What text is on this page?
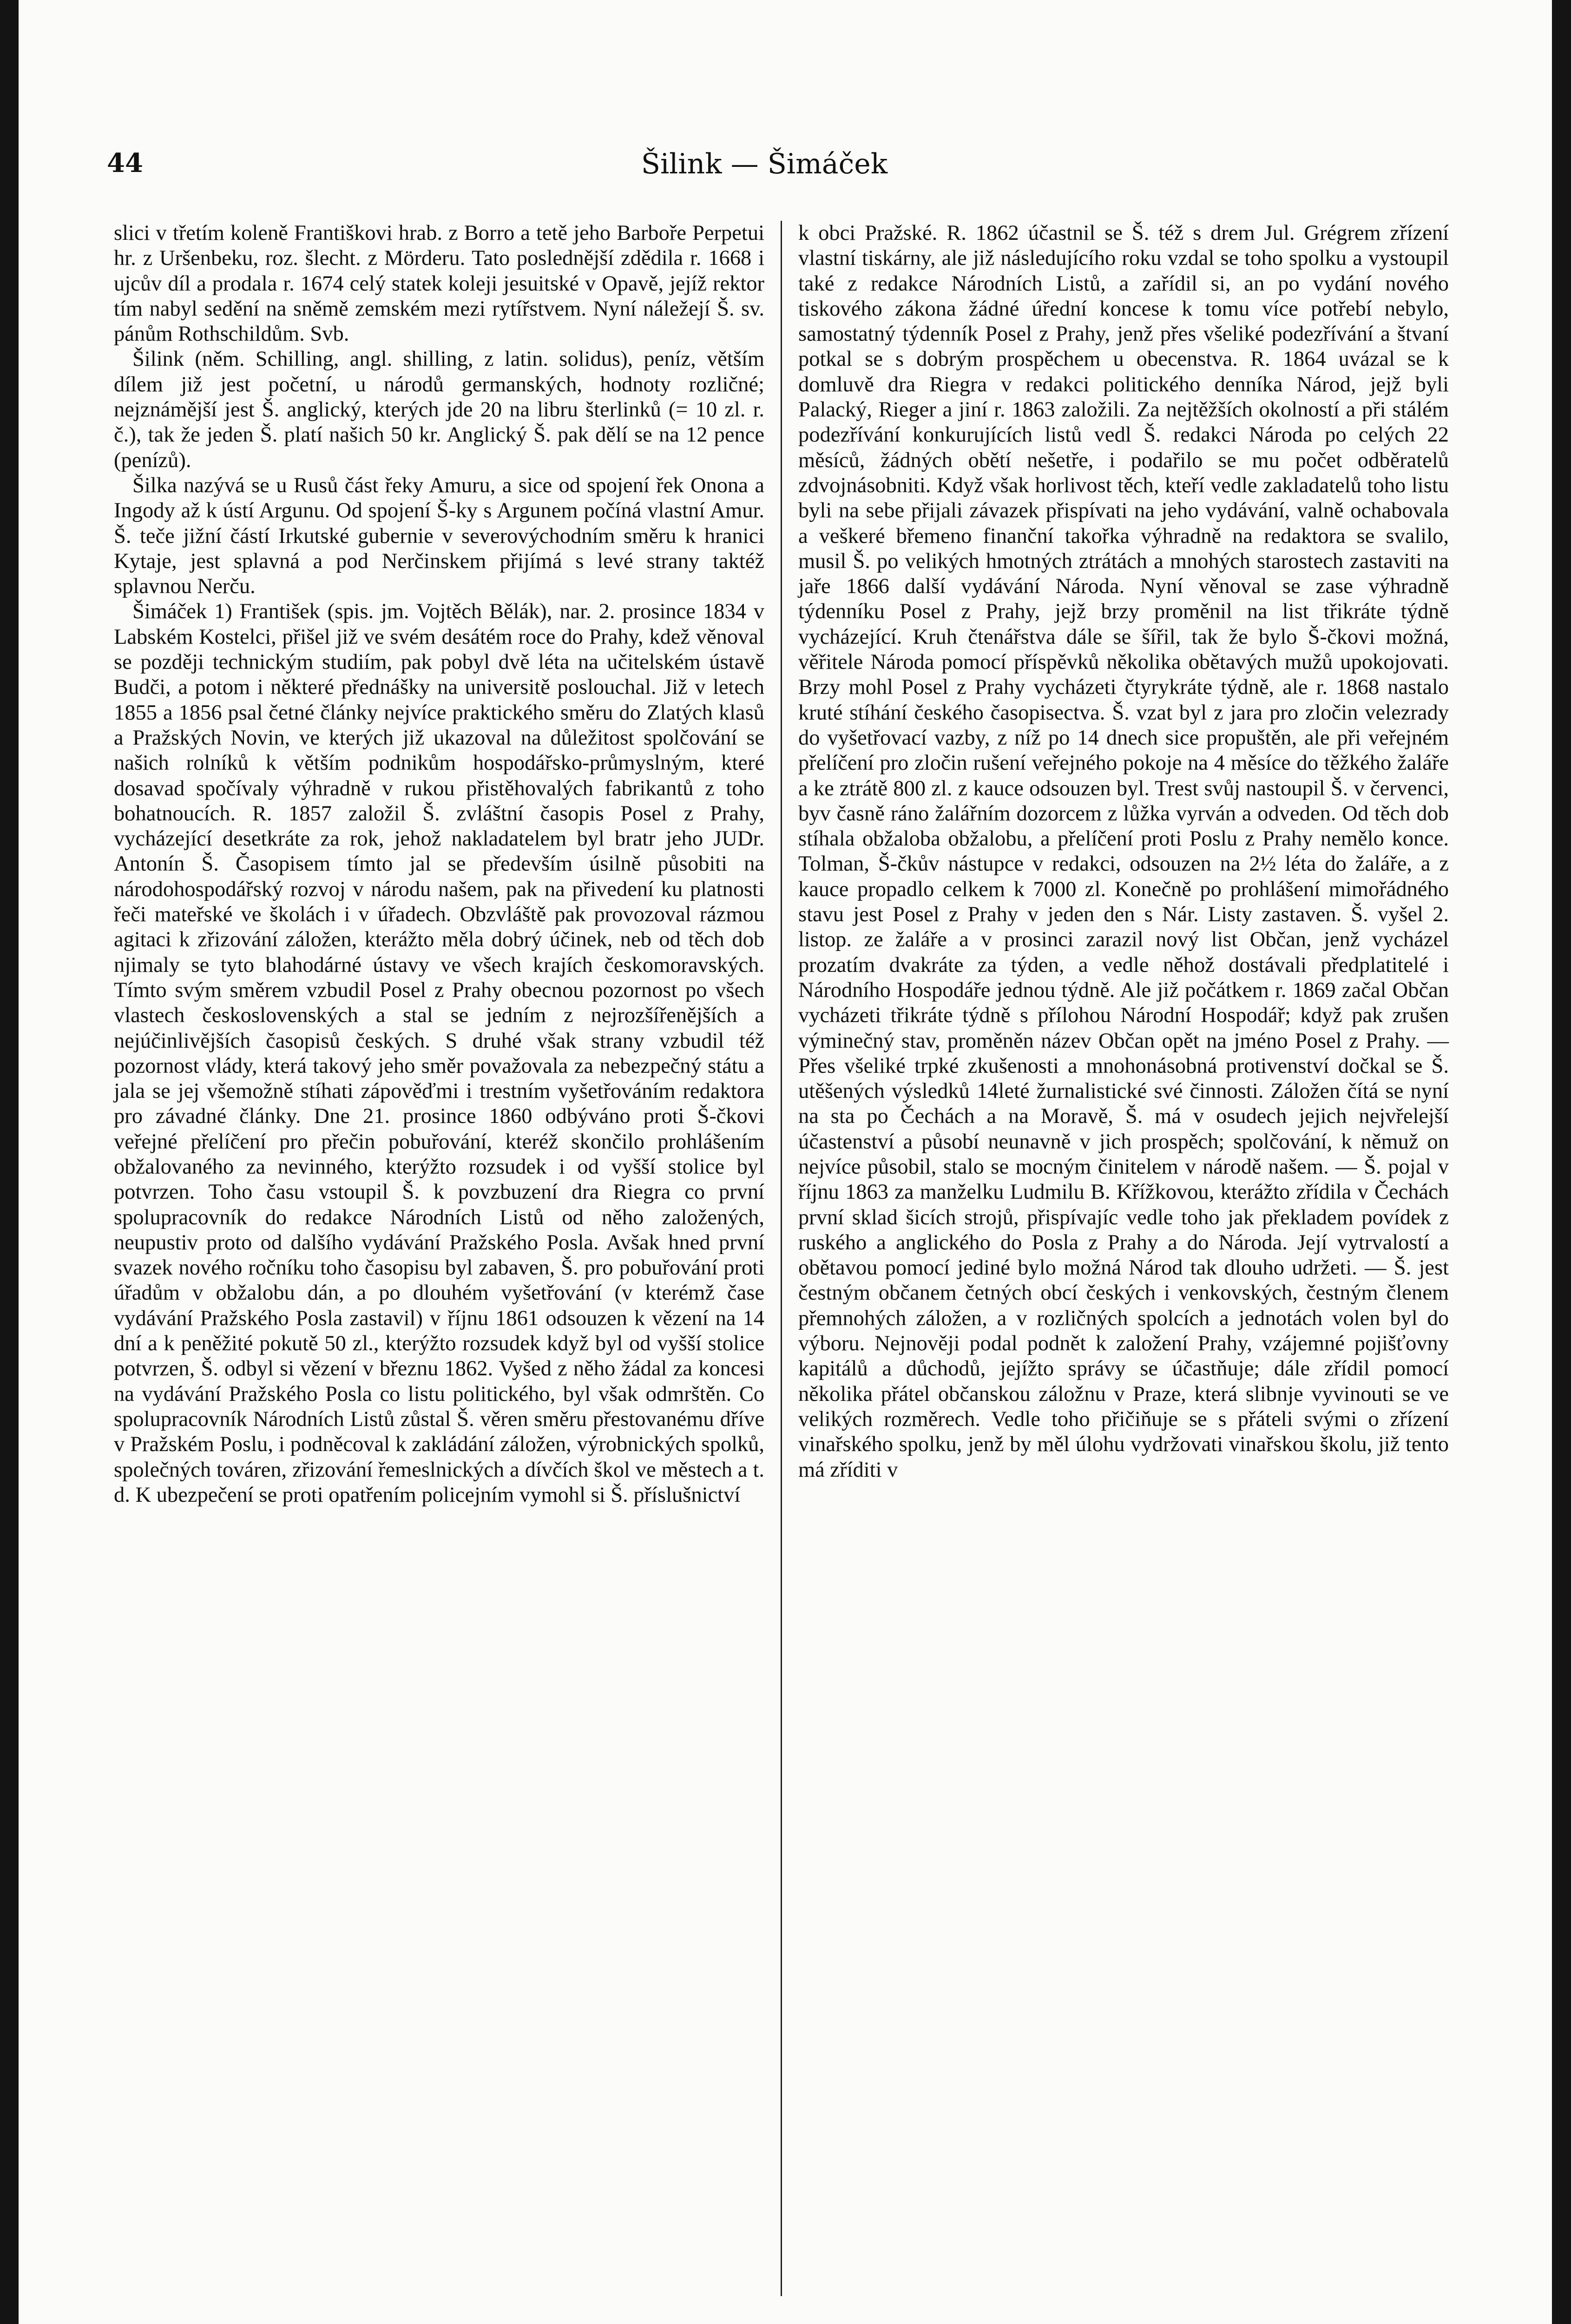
44	Šilink — Šimáček

slici v třetím koleně Františkovi hrab. z Borro a tetě jeho Barboře Perpetui hr. z Uršenbeku, roz. šlecht. z Mörderu. Tato poslednější zdědila r. 1668 i ujcův díl a prodala r. 1674 celý statek koleji jesuitské v Opavě, jejíž rektor tím nabyl sedění na sněmě zemském mezi rytířstvem. Nyní náležejí Š. sv. pánům Rothschildům. Svb.

Šilink (něm. Schilling, angl. shilling, z latin. solidus), peníz, větším dílem již jest početní, u národů germanských, hodnoty rozličné; nejznámější jest Š. anglický, kterých jde 20 na libru šterlinků (= 10 zl. r. č.), tak že jeden Š. platí našich 50 kr. Anglický Š. pak dělí se na 12 pence (penízů).

Šilka nazývá se u Rusů část řeky Amuru, a sice od spojení řek Onona a Ingody až k ústí Argunu. Od spojení Š-ky s Argunem počíná vlastní Amur. Š. teče jižní částí Irkutské gubernie v severovýchodním směru k hranici Kytaje, jest splavná a pod Nerčinskem přijímá s levé strany taktéž splavnou Nerču.

Šimáček 1) František (spis. jm. Vojtěch Bělák), nar. 2. prosince 1834 v Labském Kostelci, přišel již ve svém desátém roce do Prahy, kdež věnoval se později technickým studiím, pak pobyl dvě léta na učitelském ústavě Budči, a potom i některé přednášky na universitě poslouchal. Již v letech 1855 a 1856 psal četné články nejvíce praktického směru do Zlatých klasů a Pražských Novin, ve kterých již ukazoval na důležitost spolčování se našich rolníků k větším podnikům hospodářsko-průmyslným, které dosavad spočívaly výhradně v rukou přistěhovalých fabrikantů z toho bohatnoucích. R. 1857 založil Š. zvláštní časopis Posel z Prahy, vycházející desetkráte za rok, jehož nakladatelem byl bratr jeho JUDr. Antonín Š. Časopisem tímto jal se především úsilně působiti na národohospodářský rozvoj v národu našem, pak na přivedení ku platnosti řeči mateřské ve školách i v úřadech. Obzvláště pak provozoval rázmou agitaci k zřizování záložen, kterážto měla dobrý účinek, neb od těch dob njimaly se tyto blahodárné ústavy ve všech krajích českomoravských. Tímto svým směrem vzbudil Posel z Prahy obecnou pozornost po všech vlastech československých a stal se jedním z nejrozšířenějších a nejúčinlivějších časopisů českých. S druhé však strany vzbudil též pozornost vlády, která takový jeho směr považovala za nebezpečný státu a jala se jej všemožně stíhati zápověďmi i trestním vyšetřováním redaktora pro závadné články. Dne 21. prosince 1860 odbýváno proti Š-čkovi veřejné přelíčení pro přečin pobuřování, kteréž skončilo prohlášením obžalovaného za nevinného, kterýžto rozsudek i od vyšší stolice byl potvrzen. Toho času vstoupil Š. k povzbuzení dra Riegra co první spolupracovník do redakce Národních Listů od něho založených, neupustiv proto od dalšího vydávání Pražského Posla. Avšak hned první svazek nového ročníku toho časopisu byl zabaven, Š. pro pobuřování proti úřadům v obžalobu dán, a po dlouhém vyšetřování (v kterémž čase vydávání Pražského Posla zastavil) v říjnu 1861 odsouzen k vězení na 14 dní a k peněžité pokutě 50 zl., kterýžto rozsudek když byl od vyšší stolice potvrzen, Š. odbyl si vězení v březnu 1862. Vyšed z něho žádal za koncesi na vydávání Pražského Posla co listu politického, byl však odmrštěn. Co spolupracovník Národních Listů zůstal Š. věren směru přestovanému dříve v Pražském Poslu, i podněcoval k zakládání záložen, výrobnických spolků, společných továren, zřizování řemeslnických a dívčích škol ve městech a t. d. K ubezpečení se proti opatřením policejním vymohl si Š. příslušnictví

k obci Pražské. R. 1862 účastnil se Š. též s drem Jul. Grégrem zřízení vlastní tiskárny, ale již následujícího roku vzdal se toho spolku a vystoupil také z redakce Národních Listů, a zařídil si, an po vydání nového tiskového zákona žádné úřední koncese k tomu více potřebí nebylo, samostatný týdenník Posel z Prahy, jenž přes všeliké podezřívání a štvaní potkal se s dobrým prospěchem u obecenstva. R. 1864 uvázal se k domluvě dra Riegra v redakci politického denníka Národ, jejž byli Palacký, Rieger a jiní r. 1863 založili. Za nejtěžších okolností a při stálém podezřívání konkurujících listů vedl Š. redakci Národa po celých 22 měsíců, žádných obětí nešetře, i podařilo se mu počet odběratelů zdvojnásobniti. Když však horlivost těch, kteří vedle zakladatelů toho listu byli na sebe přijali závazek přispívati na jeho vydávání, valně ochabovala a veškeré břemeno finanční takořka výhradně na redaktora se svalilo, musil Š. po velikých hmotných ztrátách a mnohých starostech zastaviti na jaře 1866 další vydávání Národa. Nyní věnoval se zase výhradně týdenníku Posel z Prahy, jejž brzy proměnil na list třikráte týdně vycházející. Kruh čtenářstva dále se šířil, tak že bylo Š-čkovi možná, věřitele Národa pomocí příspěvků několika obětavých mužů upokojovati. Brzy mohl Posel z Prahy vycházeti čtyrykráte týdně, ale r. 1868 nastalo kruté stíhání českého časopisectva. Š. vzat byl z jara pro zločin velezrady do vyšetřovací vazby, z níž po 14 dnech sice propuštěn, ale při veřejném přelíčení pro zločin rušení veřejného pokoje na 4 měsíce do těžkého žaláře a ke ztrátě 800 zl. z kauce odsouzen byl. Trest svůj nastoupil Š. v červenci, byv časně ráno žalářním dozorcem z lůžka vyrván a odveden. Od těch dob stíhala obžaloba obžalobu, a přelíčení proti Poslu z Prahy nemělo konce. Tolman, Š-čkův nástupce v redakci, odsouzen na 2½ léta do žaláře, a z kauce propadlo celkem k 7000 zl. Konečně po prohlášení mimořádného stavu jest Posel z Prahy v jeden den s Nár. Listy zastaven. Š. vyšel 2. listop. ze žaláře a v prosinci zarazil nový list Občan, jenž vycházel prozatím dvakráte za týden, a vedle něhož dostávali předplatitelé i Národního Hospodáře jednou týdně. Ale již počátkem r. 1869 začal Občan vycházeti třikráte týdně s přílohou Národní Hospodář; když pak zrušen výminečný stav, proměněn název Občan opět na jméno Posel z Prahy. — Přes všeliké trpké zkušenosti a mnohonásobná protivenství dočkal se Š. utěšených výsledků 14leté žurnalistické své činnosti. Záložen čítá se nyní na sta po Čechách a na Moravě, Š. má v osudech jejich nejvřelejší účastenství a působí neunavně v jich prospěch; spolčování, k němuž on nejvíce působil, stalo se mocným činitelem v národě našem. — Š. pojal v říjnu 1863 za manželku Ludmilu B. Křížkovou, kterážto zřídila v Čechách první sklad šicích strojů, přispívajíc vedle toho jak překladem povídek z ruského a anglického do Posla z Prahy a do Národa. Její vytrvalostí a obětavou pomocí jediné bylo možná Národ tak dlouho udržeti. — Š. jest čestným občanem četných obcí českých i venkovských, čestným členem přemnohých záložen, a v rozličných spolcích a jednotách volen byl do výboru. Nejnověji podal podnět k založení Prahy, vzájemné pojišťovny kapitálů a důchodů, jejížto správy se účastňuje; dále zřídil pomocí několika přátel občanskou záložnu v Praze, která slibnje vyvinouti se ve velikých rozměrech. Vedle toho přičiňuje se s přáteli svými o zřízení vinařského spolku, jenž by měl úlohu vydržovati vinařskou školu, již tento má zříditi v
